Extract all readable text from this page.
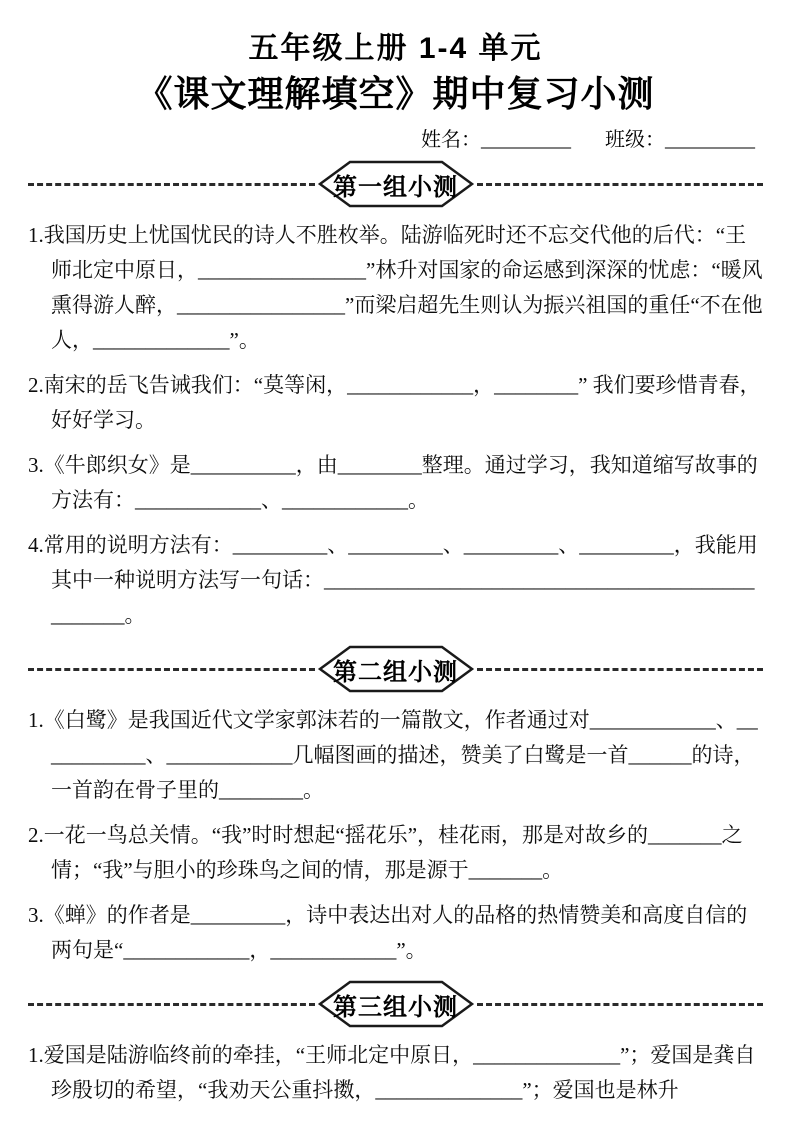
五年级上册 1-4 单元
《课文理解填空》期中复习小测
姓名：_________ 班级：_________
第一组小测
1.我国历史上忧国忧民的诗人不胜枚举。陆游临死时还不忘交代他的后代：“王师北定中原日，________________”林升对国家的命运感到深深的忧虑：“暖风熏得游人醉，________________”而梁启超先生则认为振兴祖国的重任“不在他人，_____________”。
2.南宋的岳飞告诫我们：“莫等闲，____________，________” 我们要珍惜青春，好好学习。
3.《牛郎织女》是__________，由________整理。通过学习，我知道缩写故事的方法有：____________、____________。
4.常用的说明方法有：_________、_________、_________、_________，我能用其中一种说明方法写一句话：________________________________________________。
第二组小测
1.《白鹭》是我国近代文学家郭沫若的一篇散文，作者通过对____________、___________、____________几幅图画的描述，赞美了白鹭是一首______的诗，一首韵在骨子里的________。
2.一花一鸟总关情。“我”时时想起“摇花乐”，桂花雨，那是对故乡的_______之情；“我”与胆小的珍珠鸟之间的情，那是源于_______。
3.《蝉》的作者是_________，诗中表达出对人的品格的热情赞美和高度自信的两句是“____________，____________”。
第三组小测
1.爱国是陆游临终前的牵挂，“王师北定中原日，______________”；爱国是龚自珍殷切的希望，“我劝天公重抖擞，______________”；爱国也是林升
